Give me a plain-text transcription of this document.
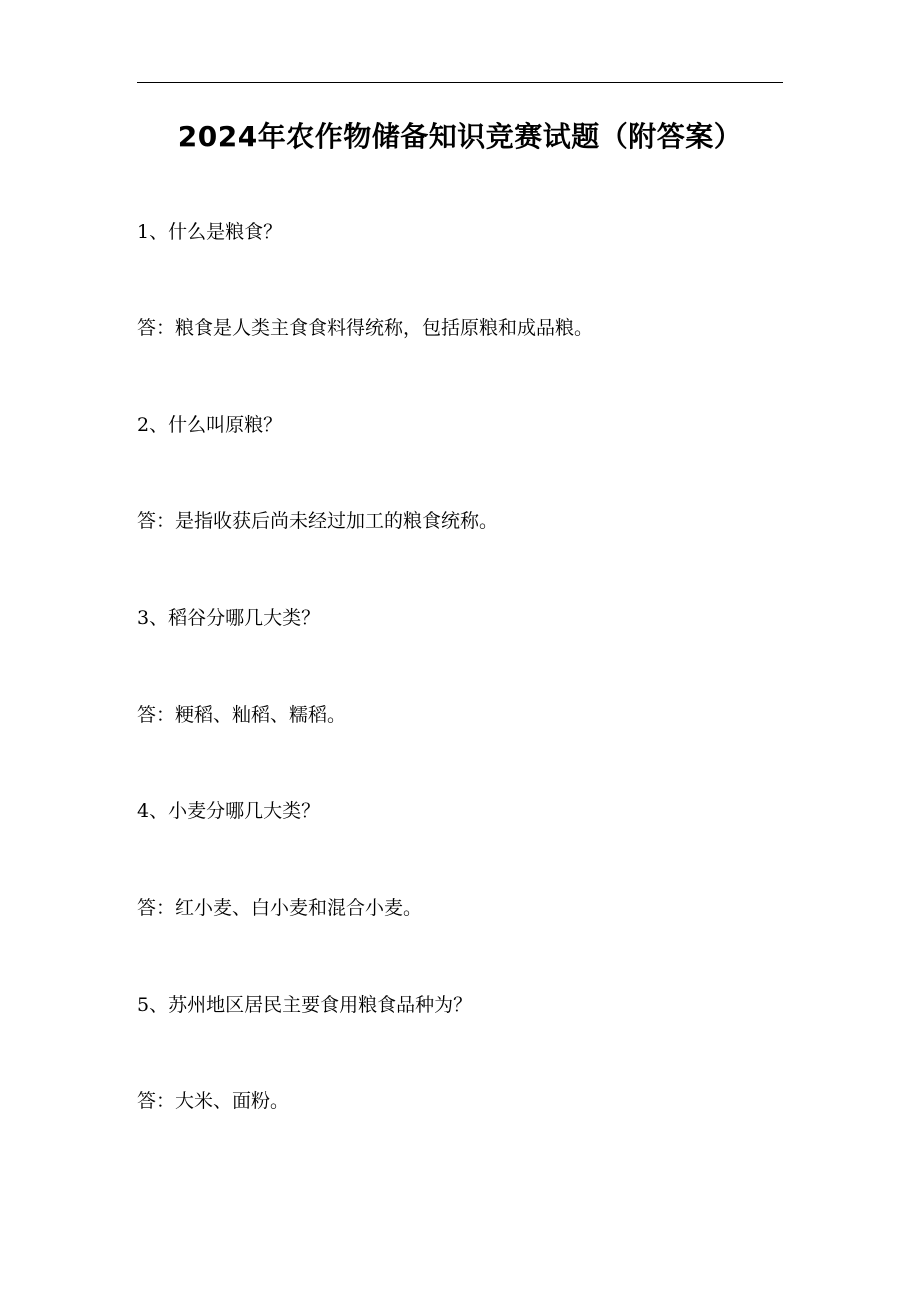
2024年农作物储备知识竞赛试题（附答案）
1、什么是粮食？
答：粮食是人类主食食料得统称，包括原粮和成品粮。
2、什么叫原粮？
答：是指收获后尚未经过加工的粮食统称。
3、稻谷分哪几大类？
答：粳稻、籼稻、糯稻。
4、小麦分哪几大类？
答：红小麦、白小麦和混合小麦。
5、苏州地区居民主要食用粮食品种为？
答：大米、面粉。
